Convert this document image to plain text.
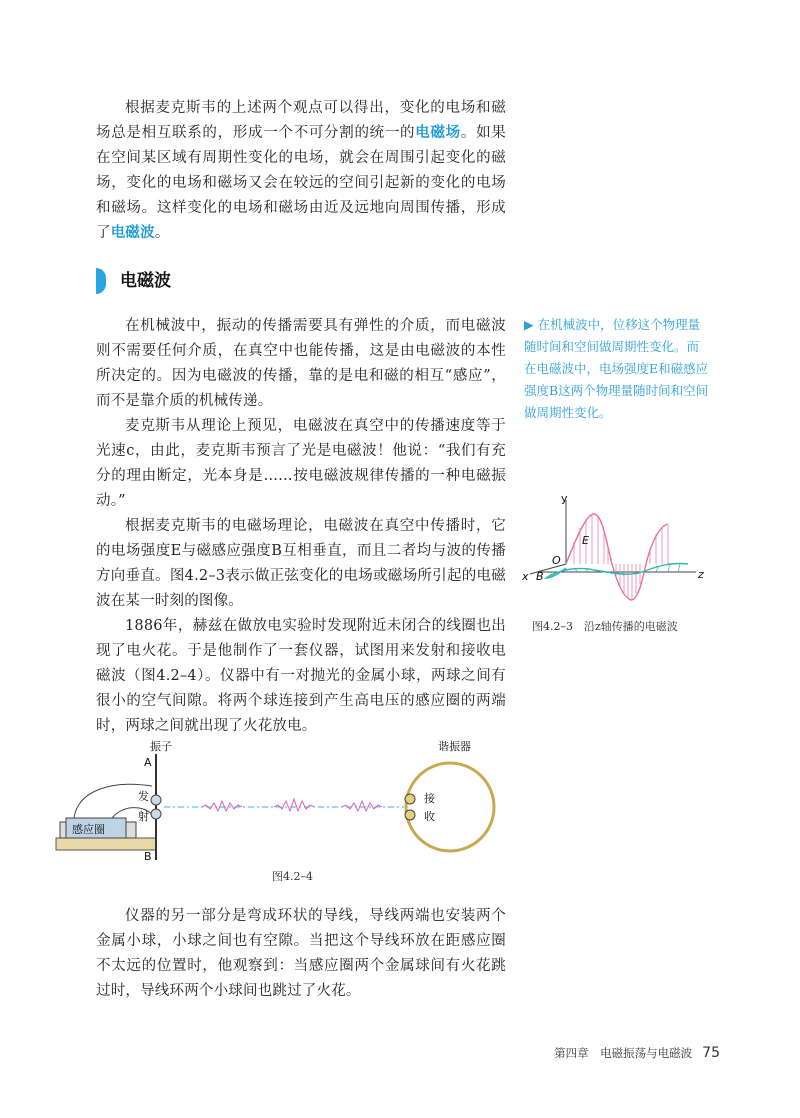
根据麦克斯韦的上述两个观点可以得出，变化的电场和磁场总是相互联系的，形成一个不可分割的统一的电磁场。如果在空间某区域有周期性变化的电场，就会在周围引起变化的磁场，变化的电场和磁场又会在较远的空间引起新的变化的电场和磁场。这样变化的电场和磁场由近及远地向周围传播，形成了电磁波。

电磁波

在机械波中，振动的传播需要具有弹性的介质，而电磁波则不需要任何介质，在真空中也能传播，这是由电磁波的本性所决定的。因为电磁波的传播，靠的是电和磁的相互“感应”，而不是靠介质的机械传递。

麦克斯韦从理论上预见，电磁波在真空中的传播速度等于光速c，由此，麦克斯韦预言了光是电磁波！他说：“我们有充分的理由断定，光本身是……按电磁波规律传播的一种电磁振动。”

根据麦克斯韦的电磁场理论，电磁波在真空中传播时，它的电场强度E与磁感应强度B互相垂直，而且二者均与波的传播方向垂直。图4.2–3表示做正弦变化的电场或磁场所引起的电磁波在某一时刻的图像。

1886年，赫兹在做放电实验时发现附近未闭合的线圈也出现了电火花。于是他制作了一套仪器，试图用来发射和接收电磁波（图4.2–4）。仪器中有一对抛光的金属小球，两球之间有很小的空气间隙。将两个球连接到产生高电压的感应圈的两端时，两球之间就出现了火花放电。

▶ 在机械波中，位移这个物理量随时间和空间做周期性变化。而在电磁波中，电场强度E和磁感应强度B这两个物理量随时间和空间做周期性变化。

y
O
E
x B	z
图4.2–3　沿z轴传播的电磁波
感应圈
振子
A
B
发
射
谐振器
接
收
图4.2–4

仪器的另一部分是弯成环状的导线，导线两端也安装两个金属小球，小球之间也有空隙。当把这个导线环放在距感应圈不太远的位置时，他观察到：当感应圈两个金属球间有火花跳过时，导线环两个小球间也跳过了火花。

第四章　电磁振荡与电磁波 75
